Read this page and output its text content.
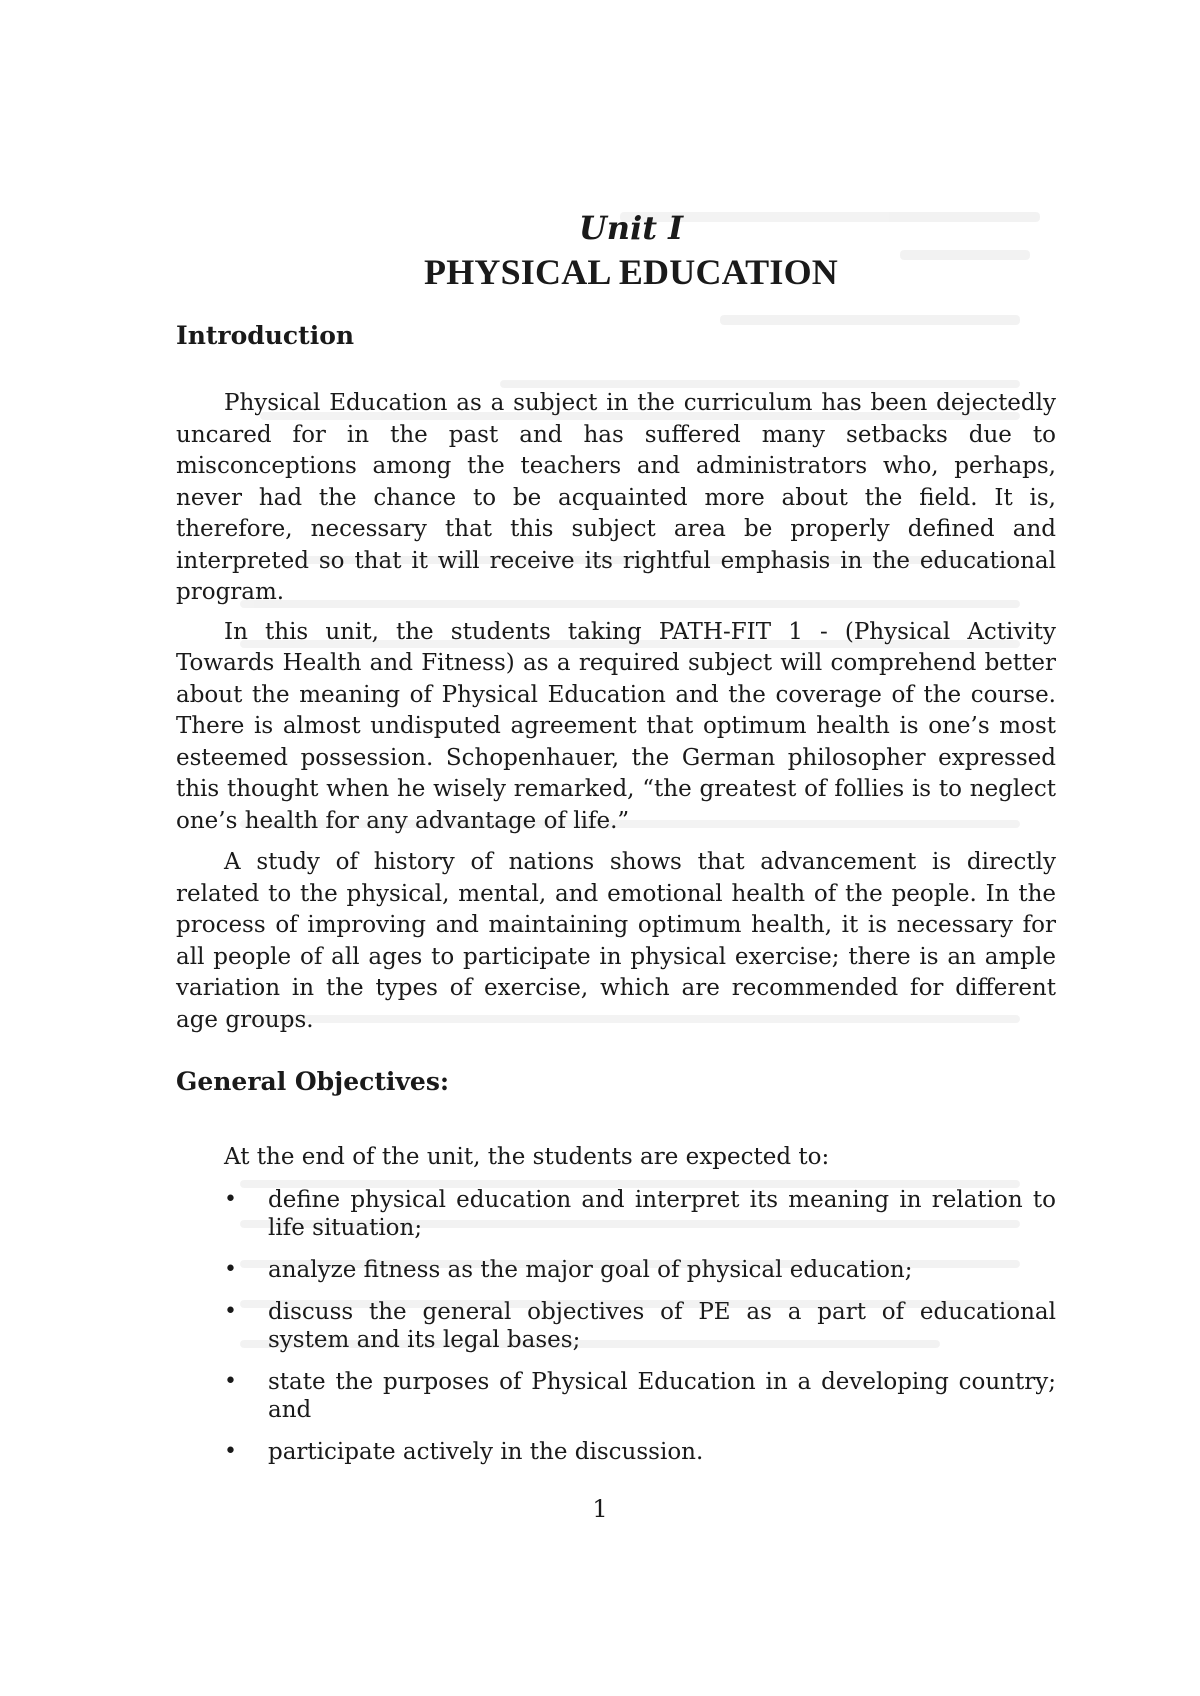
Unit I
PHYSICAL EDUCATION
Introduction

Physical Education as a subject in the curriculum has been dejectedly uncared for in the past and has suffered many setbacks due to misconceptions among the teachers and administrators who, perhaps, never had the chance to be acquainted more about the field. It is, therefore, necessary that this subject area be properly defined and interpreted so that it will receive its rightful emphasis in the educational program.

In this unit, the students taking PATH-FIT 1 - (Physical Activity Towards Health and Fitness) as a required subject will comprehend better about the meaning of Physical Education and the coverage of the course. There is almost undisputed agreement that optimum health is one’s most esteemed possession. Schopenhauer, the German philosopher expressed this thought when he wisely remarked, “the greatest of follies is to neglect one’s health for any advantage of life.”

A study of history of nations shows that advancement is directly related to the physical, mental, and emotional health of the people. In the process of improving and maintaining optimum health, it is necessary for all people of all ages to participate in physical exercise; there is an ample variation in the types of exercise, which are recommended for different age groups.

General Objectives:

At the end of the unit, the students are expected to:

• define physical education and interpret its meaning in relation to life situation;
• analyze fitness as the major goal of physical education;
• discuss the general objectives of PE as a part of educational system and its legal bases;
• state the purposes of Physical Education in a developing country; and
• participate actively in the discussion.
1
